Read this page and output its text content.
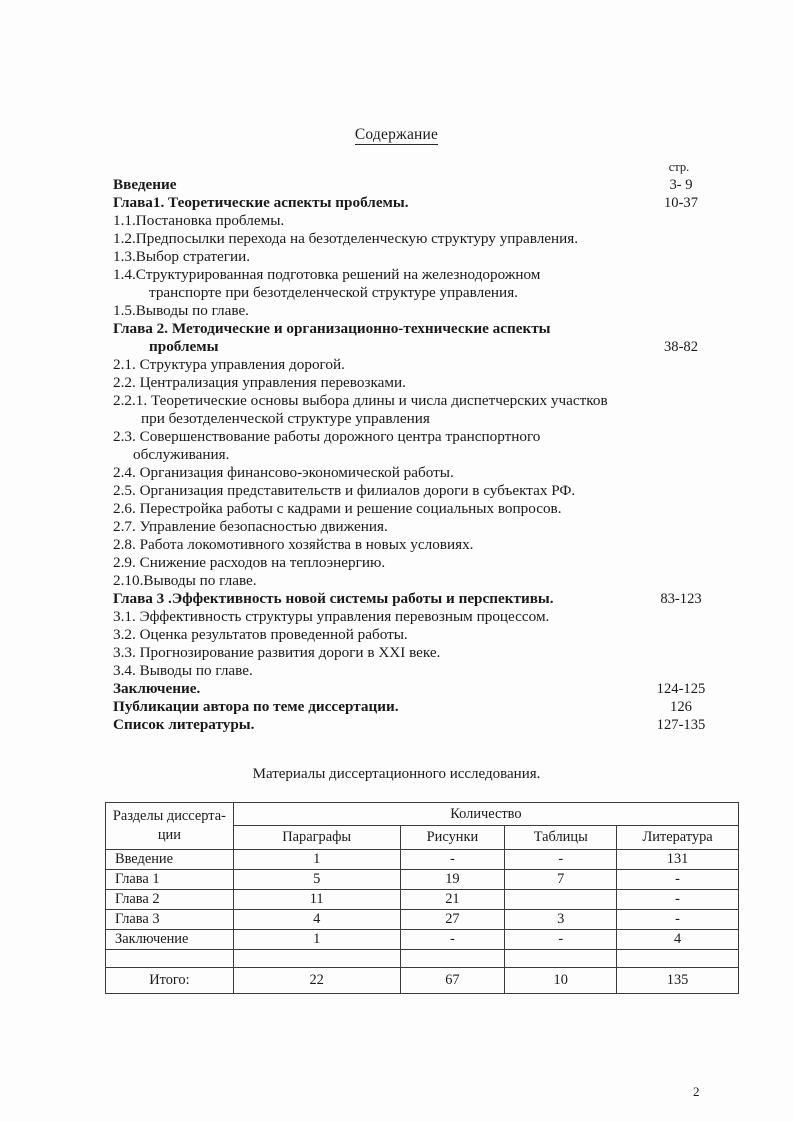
Содержание
стр.
Введение	3- 9
Глава1. Теоретические аспекты проблемы.	10-37
1.1.Постановка проблемы.
1.2.Предпосылки перехода на безотделенческую структуру управления.
1.3.Выбор стратегии.
1.4.Структурированная подготовка решений на железнодорожном
транспорте при безотделенческой структуре управления.
1.5.Выводы по главе.
Глава 2. Методические и организационно-технические аспекты
проблемы	38-82
2.1. Структура управления дорогой.
2.2. Централизация управления перевозками.
2.2.1. Теоретические основы выбора длины и числа диспетчерских участков
при безотделенческой структуре управления
2.3. Совершенствование работы дорожного центра транспортного
обслуживания.
2.4. Организация финансово-экономической работы.
2.5. Организация представительств и филиалов дороги в субъектах РФ.
2.6. Перестройка работы с кадрами и решение социальных вопросов.
2.7. Управление безопасностью движения.
2.8. Работа локомотивного хозяйства в новых условиях.
2.9. Снижение расходов на теплоэнергию.
2.10.Выводы по главе.
Глава 3 .Эффективность новой системы работы и перспективы.	83-123
3.1. Эффективность структуры управления перевозным процессом.
3.2. Оценка результатов проведенной работы.
3.3. Прогнозирование развития дороги в XXI веке.
3.4. Выводы по главе.
Заключение.	124-125
Публикации автора по теме диссертации.	126
Список литературы.	127-135
Материалы диссертационного исследования.
Разделы диссерта-
ции	Количество			
	Параграфы	Рисунки	Таблицы	Литература
Введение	1	-	-	131
Глава 1	5	19	7	-
Глава 2	11	21		-
Глава 3	4	27	3	-
Заключение	1	-	-	4

Итого:	22	67	10	135
2
